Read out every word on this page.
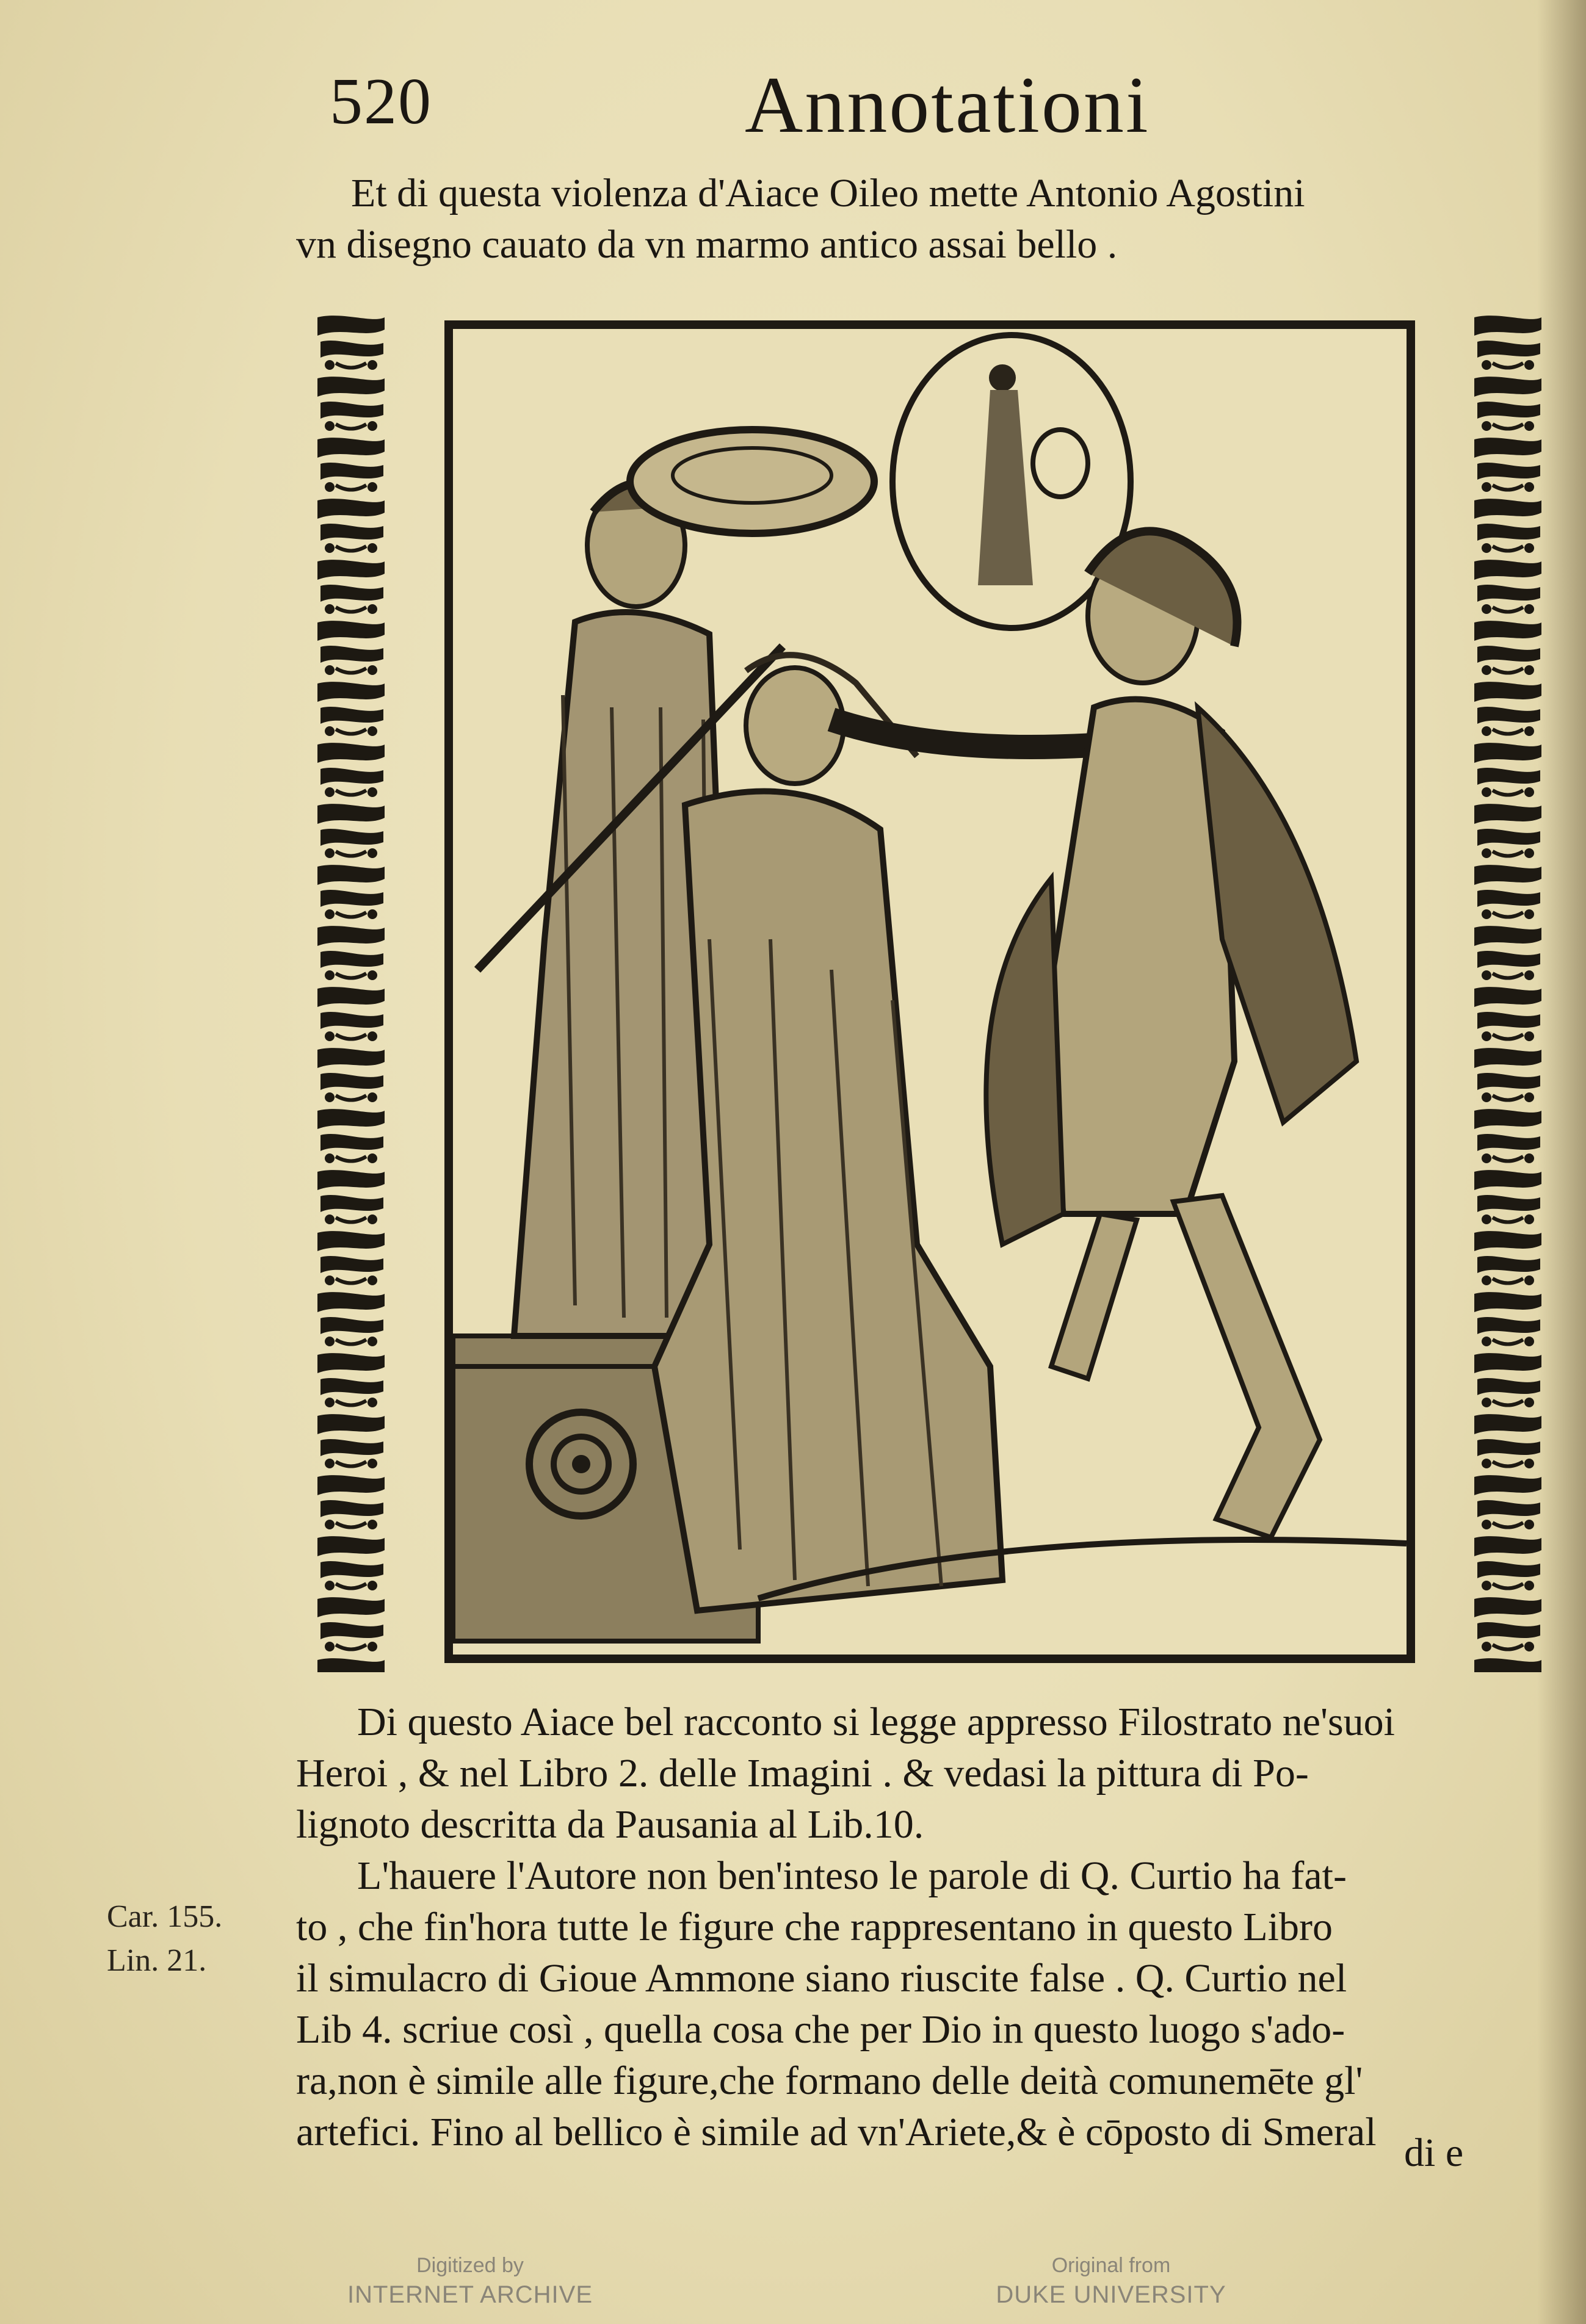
520	Annotationi
Et di questa violenza d'Aiace Oileo mette Antonio Agostini
vn disegno cauato da vn marmo antico assai bello .
Di questo Aiace bel racconto si legge appresso Filostrato ne'suoi
Heroi , & nel Libro 2. delle Imagini . & vedasi la pittura di Po-
lignoto descritta da Pausania al Lib.10.
L'hauere l'Autore non ben'inteso le parole di Q. Curtio ha fat-
to , che fin'hora tutte le figure che rappresentano in questo Libro
il simulacro di Gioue Ammone siano riuscite false . Q. Curtio nel
Lib 4. scriue così , quella cosa che per Dio in questo luogo s'ado-
ra,non è simile alle figure,che formano delle deità comunemēte gl'
artefici. Fino al bellico è simile ad vn'Ariete,& è cōposto di Smeral
Car. 155.
Lin. 21.
di e
Digitized by
INTERNET ARCHIVE
Original from
DUKE UNIVERSITY
